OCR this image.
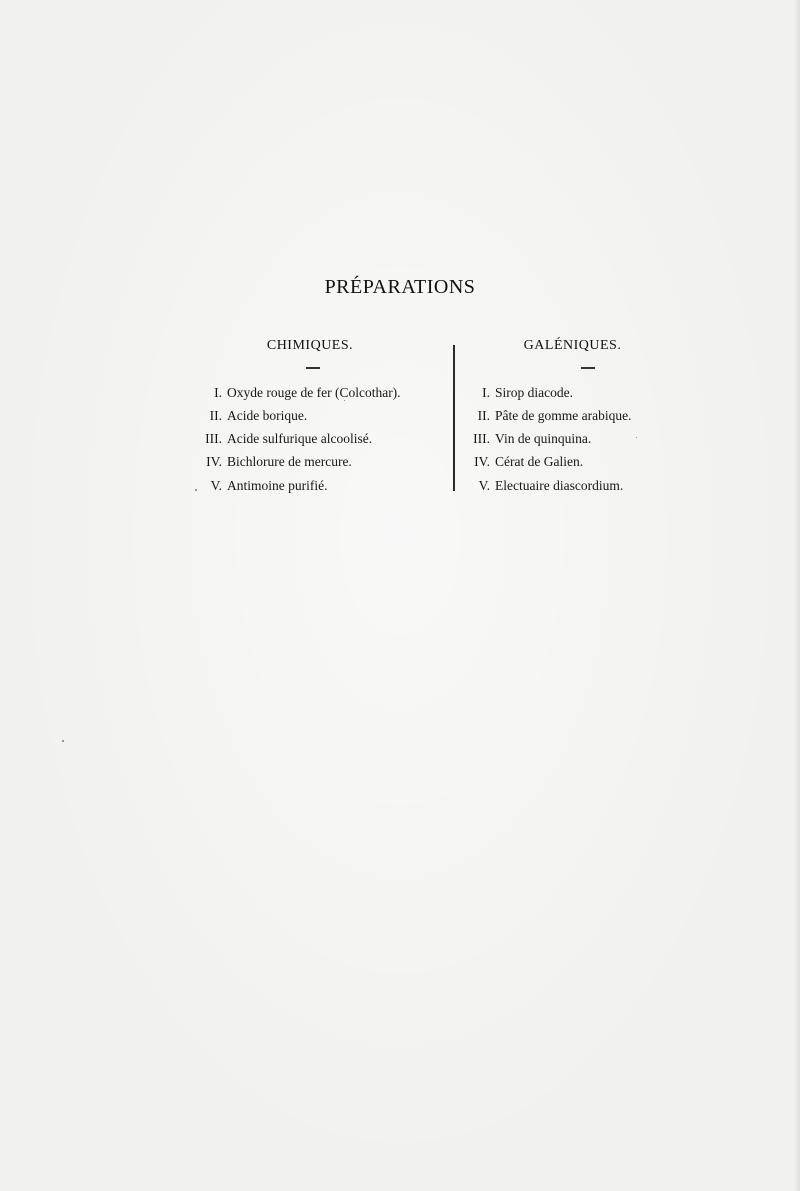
PRÉPARATIONS
CHIMIQUES.
I. Oxyde rouge de fer (Colcothar).
II. Acide borique.
III. Acide sulfurique alcoolisé.
IV. Bichlorure de mercure.
V. Antimoine purifié.
GALÉNIQUES.
I. Sirop diacode.
II. Pâte de gomme arabique.
III. Vin de quinquina.
IV. Cérat de Galien.
V. Electuaire diascordium.
